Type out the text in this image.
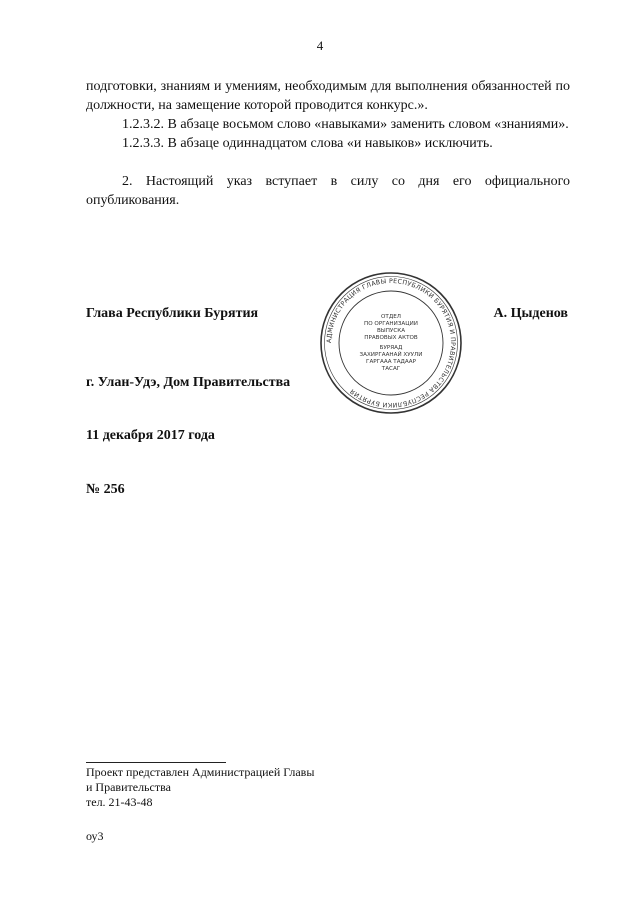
4

подготовки, знаниям и умениям, необходимым для выполнения обязанностей по должности, на замещение которой проводится конкурс.».

1.2.3.2. В абзаце восьмом слово «навыками» заменить словом «знаниями».

1.2.3.3. В абзаце одиннадцатом слова «и навыков» исключить.

2. Настоящий указ вступает в силу со дня его официального опубликования.

Глава Республики Бурятия	А. Цыденов
АДМИНИСТРАЦИЯ ГЛАВЫ РЕСПУБЛИКИ БУРЯТИЯ И ПРАВИТЕЛЬСТВА РЕСПУБЛИКИ БУРЯТИЯ
ОТДЕЛ
ПО ОРГАНИЗАЦИИ
ВЫПУСКА
ПРАВОВЫХ АКТОВ
БУРЯАД
ЗАХИРГААНАЙ ХУУЛИ
ГАРГААА ТАДААР
ТАСАГ
г. Улан-Удэ, Дом Правительства
11 декабря 2017 года
№ 256
Проект представлен Администрацией Главы
и Правительства
тел. 21-43-48
оу3
